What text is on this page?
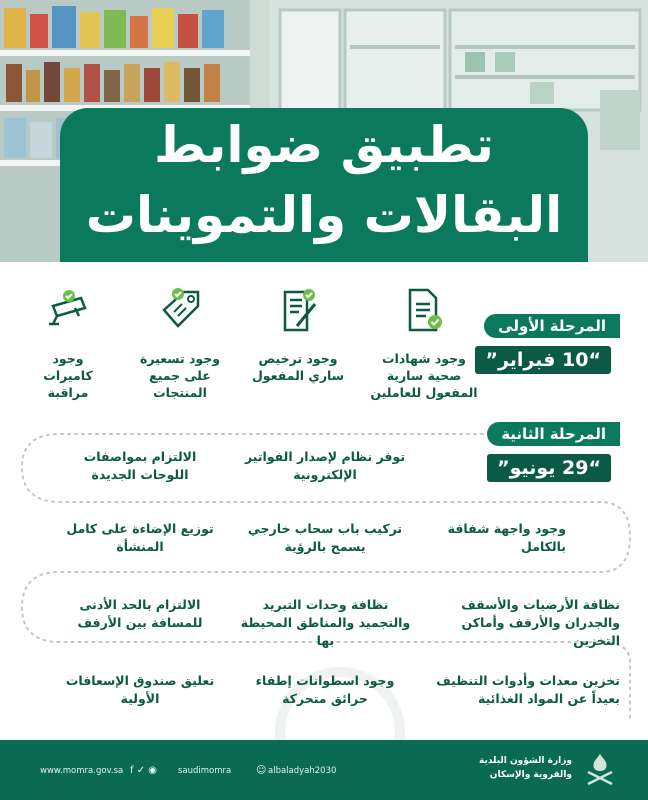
تطبيق ضوابط
البقالات والتموينات
المرحلة الأولى
“10 فبراير”
وجود شهادات صحية سارية المفعول للعاملين
وجود ترخيص ساري المفعول
وجود تسعيرة على جميع المنتجات
وجود كاميرات مراقبة
المرحلة الثانية
“29 يونيو”
توفر نظام لإصدار الفواتير الإلكترونية
الالتزام بمواصفات اللوحات الجديدة
وجود واجهة شفافة بالكامل
تركيب باب سحاب خارجي يسمح بالرؤية
توزيع الإضاءة على كامل المنشأة
نظافة الأرضيات والأسقف والجدران والأرفف وأماكن التخزين
نظافة وحدات التبريد والتجميد والمناطق المحيطة بها
الالتزام بالحد الأدنى للمسافة بين الأرفف
تخزين معدات وأدوات التنظيف بعيداً عن المواد الغذائية
وجود اسطوانات إطفاء حرائق متحركة
تعليق صندوق الإسعافات الأولية
www.momra.gov.sa f ✓ ◉ saudimomra ☺ albaladyah2030
وزارة الشؤون البلدية
والقروية والإسكان
